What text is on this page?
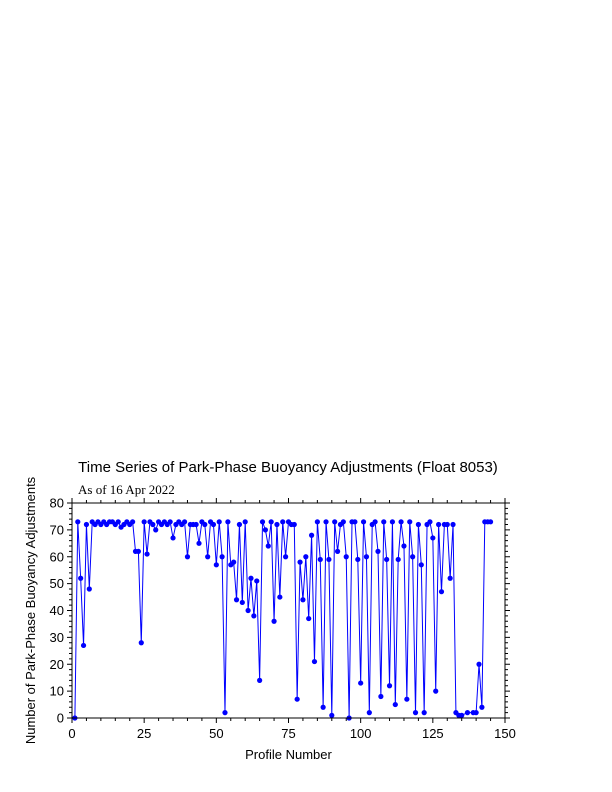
Time Series of Park-Phase Buoyancy Adjustments (Float 8053)
As of 16 Apr 2022
0	25	50	75	100	125	150
0
10
20
30
40
50
60
70
80
Profile Number
Number of Park-Phase Buoyancy Adjustments
